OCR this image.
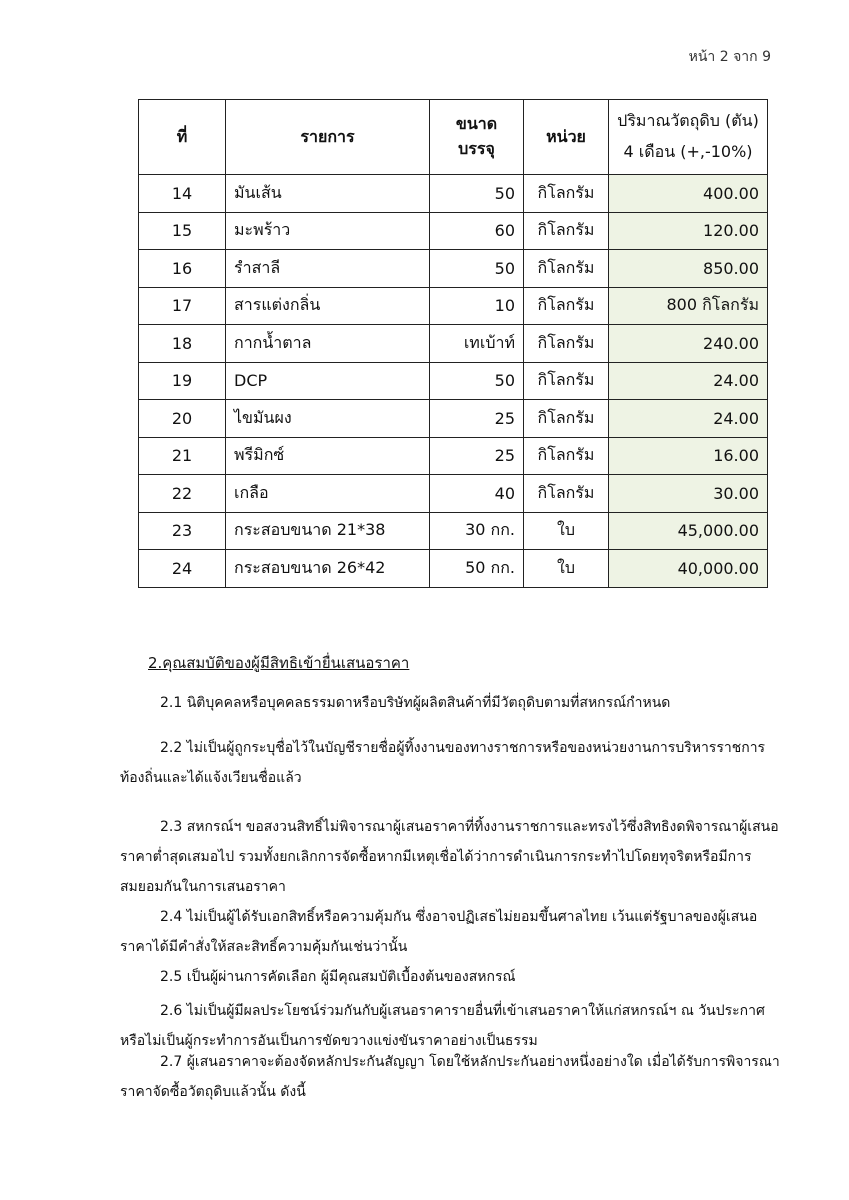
หน้า 2 จาก 9
ที่	รายการ	ขนาดบรรจุ	หน่วย	ปริมาณวัตถุดิบ (ตัน)
4 เดือน (+,-10%)

14	มันเส้น	50	กิโลกรัม	400.00
15	มะพร้าว	60	กิโลกรัม	120.00
16	รำสาลี	50	กิโลกรัม	850.00
17	สารแต่งกลิ่น	10	กิโลกรัม	800 กิโลกรัม
18	กากน้ำตาล	เทเบ้าท์	กิโลกรัม	240.00
19	DCP	50	กิโลกรัม	24.00
20	ไขมันผง	25	กิโลกรัม	24.00
21	พรีมิกซ์	25	กิโลกรัม	16.00
22	เกลือ	40	กิโลกรัม	30.00
23	กระสอบขนาด 21*38	30 กก.	ใบ	45,000.00
24	กระสอบขนาด 26*42	50 กก.	ใบ	40,000.00
2.คุณสมบัติของผู้มีสิทธิเข้ายื่นเสนอราคา
2.1 นิติบุคคลหรือบุคคลธรรมดาหรือบริษัทผู้ผลิตสินค้าที่มีวัตถุดิบตามที่สหกรณ์กำหนด
2.2 ไม่เป็นผู้ถูกระบุชื่อไว้ในบัญชีรายชื่อผู้ทิ้งงานของทางราชการหรือของหน่วยงานการบริหารราชการท้องถิ่นและได้แจ้งเวียนชื่อแล้ว
2.3 สหกรณ์ฯ ขอสงวนสิทธิ์ไม่พิจารณาผู้เสนอราคาที่ทิ้งงานราชการและทรงไว้ซึ่งสิทธิงดพิจารณาผู้เสนอราคาต่ำสุดเสมอไป รวมทั้งยกเลิกการจัดซื้อหากมีเหตุเชื่อได้ว่าการดำเนินการกระทำไปโดยทุจริตหรือมีการสมยอมกันในการเสนอราคา
2.4 ไม่เป็นผู้ได้รับเอกสิทธิ์หรือความคุ้มกัน ซึ่งอาจปฏิเสธไม่ยอมขึ้นศาลไทย เว้นแต่รัฐบาลของผู้เสนอราคาได้มีคำสั่งให้สละสิทธิ์ความคุ้มกันเช่นว่านั้น
2.5 เป็นผู้ผ่านการคัดเลือก ผู้มีคุณสมบัติเบื้องต้นของสหกรณ์
2.6 ไม่เป็นผู้มีผลประโยชน์ร่วมกันกับผู้เสนอราคารายอื่นที่เข้าเสนอราคาให้แก่สหกรณ์ฯ ณ วันประกาศ หรือไม่เป็นผู้กระทำการอันเป็นการขัดขวางแข่งขันราคาอย่างเป็นธรรม
2.7 ผู้เสนอราคาจะต้องจัดหลักประกันสัญญา โดยใช้หลักประกันอย่างหนึ่งอย่างใด เมื่อได้รับการพิจารณาราคาจัดซื้อวัตถุดิบแล้วนั้น ดังนี้
